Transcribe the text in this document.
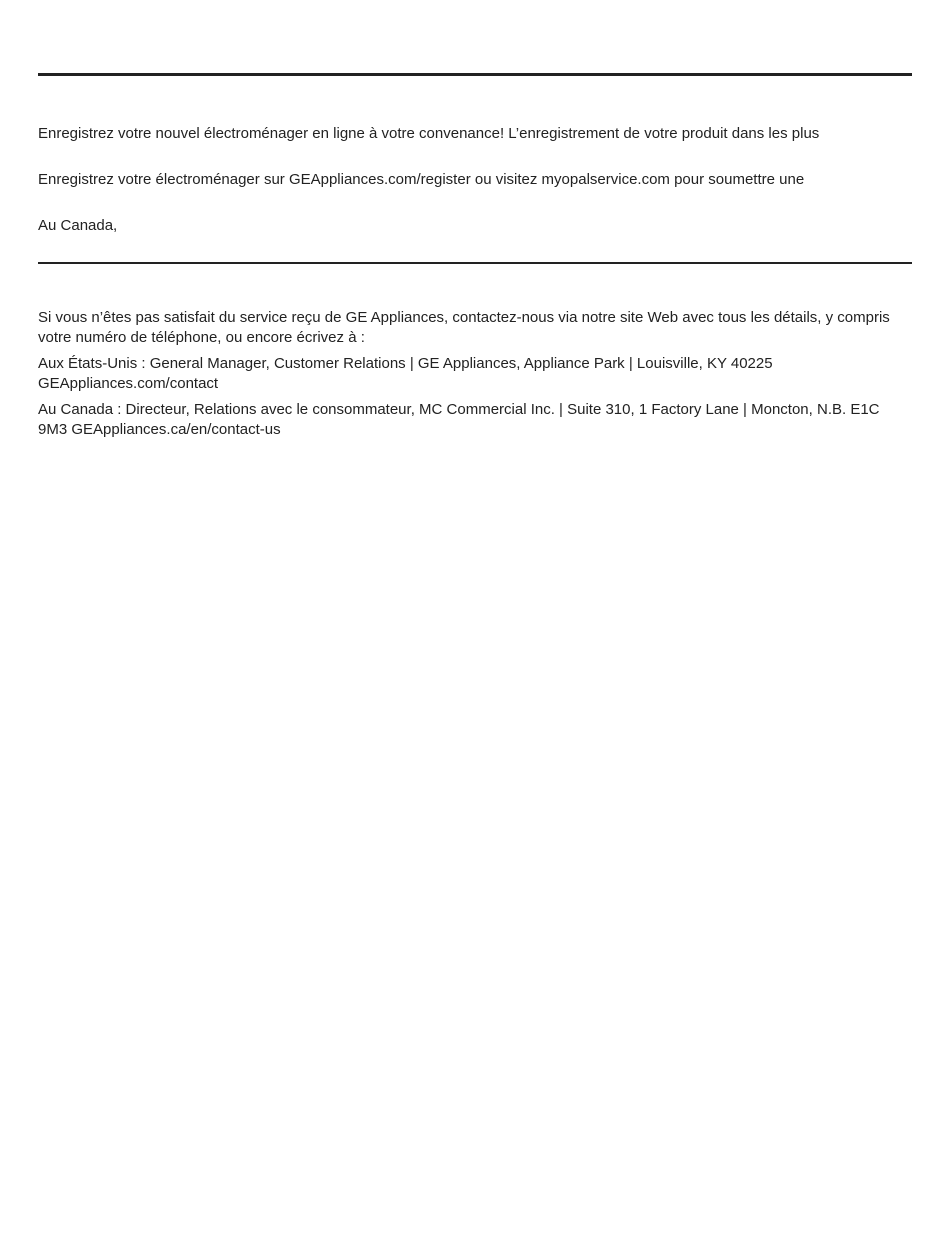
Enregistrez votre nouvel électroménager en ligne à votre convenance! L’enregistrement de votre produit dans les plus

Enregistrez votre électroménager sur GEAppliances.com/register ou visitez myopalservice.com pour soumettre une

Au Canada,

Si vous n’êtes pas satisfait du service reçu de GE Appliances, contactez-nous via notre site Web avec tous les détails, y compris votre numéro de téléphone, ou encore écrivez à :

Aux États-Unis : General Manager, Customer Relations | GE Appliances, Appliance Park | Louisville, KY 40225 GEAppliances.com/contact

Au Canada : Directeur, Relations avec le consommateur, MC Commercial Inc. | Suite 310, 1 Factory Lane | Moncton, N.B. E1C 9M3 GEAppliances.ca/en/contact-us
